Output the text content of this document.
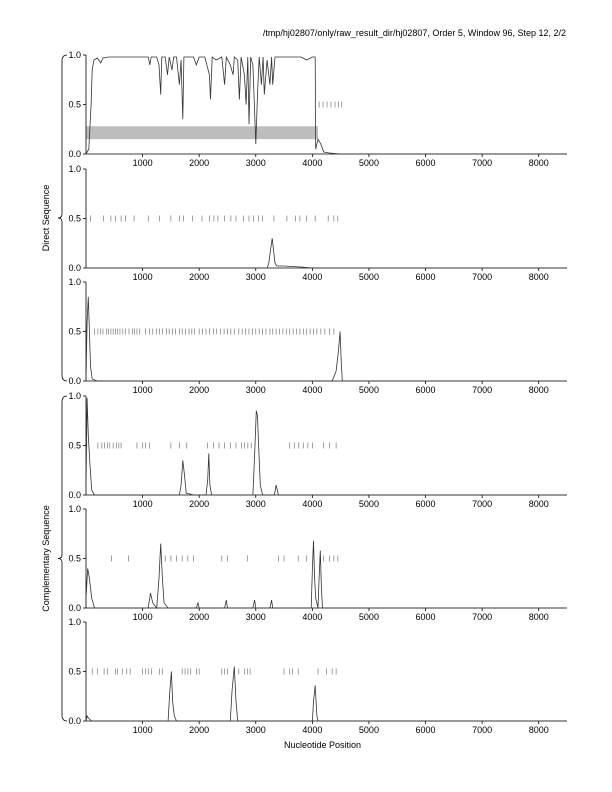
/tmp/hj02807/only/raw_result_dir/hj02807, Order 5, Window 96, Step 12, 2/2
0.0
0.5
1.0
1000	2000	3000	4000	5000	6000	7000	8000
0.0
0.5
1.0
1000	2000	3000	4000	5000	6000	7000	8000
0.0
0.5
1.0
1000	2000	3000	4000	5000	6000	7000	8000
0.0
0.5
1.0
1000	2000	3000	4000	5000	6000	7000	8000
0.0
0.5
1.0
1000	2000	3000	4000	5000	6000	7000	8000
0.0
0.5
1.0
1000	2000	3000	4000	5000	6000	7000	8000
Direct Sequence
Complementary Sequence
Nucleotide Position
